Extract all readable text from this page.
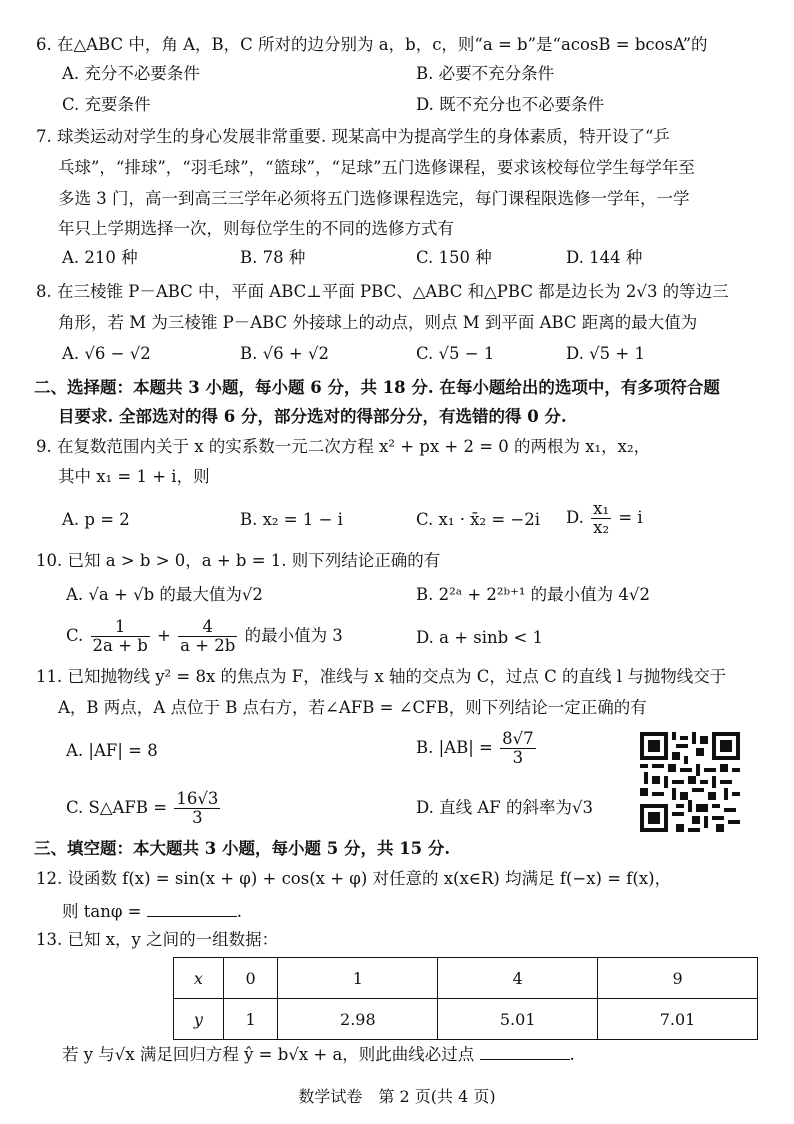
6. 在△ABC 中，角 A，B，C 所对的边分别为 a，b，c，则“a = b”是“acosB = bcosA”的
A. 充分不必要条件	B. 必要不充分条件
C. 充要条件	D. 既不充分也不必要条件
7. 球类运动对学生的身心发展非常重要. 现某高中为提高学生的身体素质，特开设了“乒
乓球”，“排球”，“羽毛球”，“篮球”，“足球”五门选修课程，要求该校每位学生每学年至
多选 3 门，高一到高三三学年必须将五门选修课程选完，每门课程限选修一学年，一学
年只上学期选择一次，则每位学生的不同的选修方式有
A. 210 种	B. 78 种	C. 150 种	D. 144 种
8. 在三棱锥 P－ABC 中，平面 ABC⊥平面 PBC、△ABC 和△PBC 都是边长为 2√3 的等边三
角形，若 M 为三棱锥 P－ABC 外接球上的动点，则点 M 到平面 ABC 距离的最大值为
A. √6 − √2	B. √6 + √2	C. √5 − 1	D. √5 + 1
二、选择题：本题共 3 小题，每小题 6 分，共 18 分. 在每小题给出的选项中，有多项符合题
目要求. 全部选对的得 6 分，部分选对的得部分分，有选错的得 0 分.
9. 在复数范围内关于 x 的实系数一元二次方程 x² + px + 2 = 0 的两根为 x₁，x₂，
其中 x₁ = 1 + i，则
A. p = 2	B. x₂ = 1 − i	C. x₁ · x̄₂ = −2i D. $\frac{\text{x₁}}{\text{x₂}} = i$
10. 已知 a > b > 0，a + b = 1. 则下列结论正确的有
A. √a + √b 的最大值为√2	B. 2²ᵃ + 2²ᵇ⁺¹ 的最小值为 4√2
C. $\frac{1}{2a + b} + \frac{4}{a + 2b}$ 的最小值为 3	D. a + sinb < 1
11. 已知抛物线 y² = 8x 的焦点为 F，准线与 x 轴的交点为 C，过点 C 的直线 l 与抛物线交于
A，B 两点，A 点位于 B 点右方，若∠AFB = ∠CFB，则下列结论一定正确的有
A. |AF| = 8	B. $|AB| = \frac{8√7}{3}$
C. S△AFB = $\frac{16√3}{3}$	D. 直线 AF 的斜率为√3
三、填空题：本大题共 3 小题，每小题 5 分，共 15 分.
12. 设函数 f(x) = sin(x + φ) + cos(x + φ) 对任意的 x(x∈R) 均满足 f(−x) = f(x)，
则 tanφ =	.
13. 已知 x，y 之间的一组数据：
x	0	1	4	9
y	1	2.98	5.01	7.01
若 y 与√x 满足回归方程 ŷ = b√x + a，则此曲线必过点	.
数学试卷　第 2 页(共 4 页)
